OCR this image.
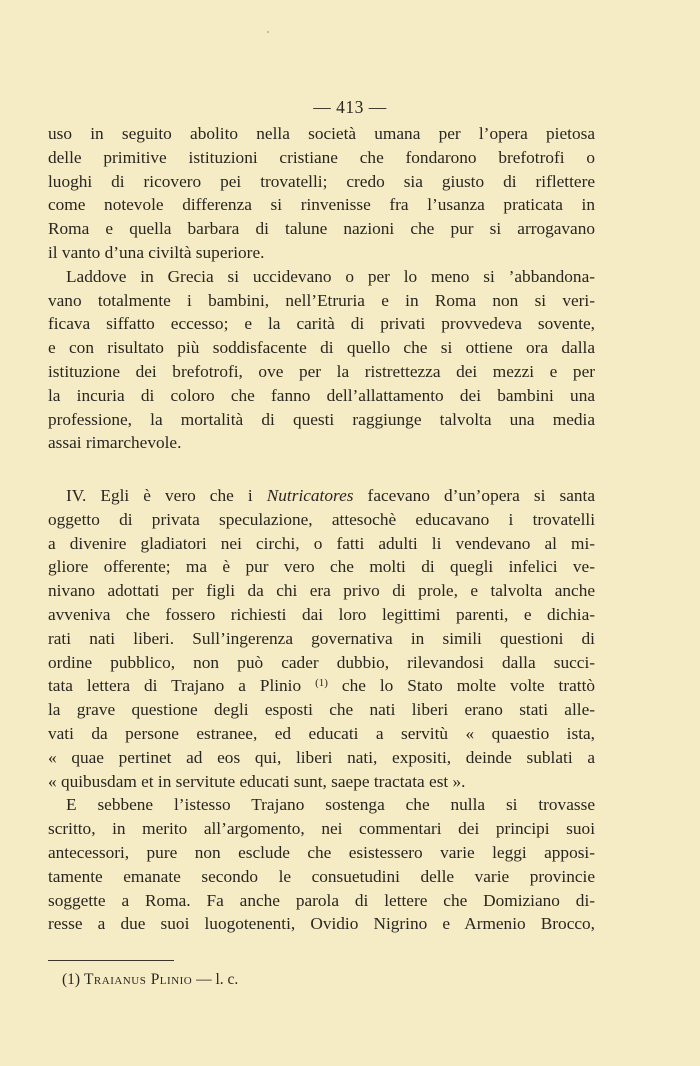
— 413 —
uso in seguito abolito nella società umana per l’opera pietosa
delle primitive istituzioni cristiane che fondarono brefotrofi o
luoghi di ricovero pei trovatelli; credo sia giusto di riflettere
come notevole differenza si rinvenisse fra l’usanza praticata in
Roma e quella barbara di talune nazioni che pur si arrogavano
il vanto d’una civiltà superiore.
Laddove in Grecia si uccidevano o per lo meno si ’abbandona-
vano totalmente i bambini, nell’Etruria e in Roma non si veri-
ficava siffatto eccesso; e la carità di privati provvedeva sovente,
e con risultato più soddisfacente di quello che si ottiene ora dalla
istituzione dei brefotrofi, ove per la ristrettezza dei mezzi e per
la incuria di coloro che fanno dell’allattamento dei bambini una
professione, la mortalità di questi raggiunge talvolta una media
assai rimarchevole.
IV. Egli è vero che i Nutricatores facevano d’un’opera si santa
oggetto di privata speculazione, attesochè educavano i trovatelli
a divenire gladiatori nei circhi, o fatti adulti li vendevano al mi-
gliore offerente; ma è pur vero che molti di quegli infelici ve-
nivano adottati per figli da chi era privo di prole, e talvolta anche
avveniva che fossero richiesti dai loro legittimi parenti, e dichia-
rati nati liberi. Sull’ingerenza governativa in simili questioni di
ordine pubblico, non può cader dubbio, rilevandosi dalla succi-
tata lettera di Trajano a Plinio $^{(1)}$ che lo Stato molte volte trattò
la grave questione degli esposti che nati liberi erano stati alle-
vati da persone estranee, ed educati a servitù « quaestio ista,
« quae pertinet ad eos qui, liberi nati, expositi, deinde sublati a
« quibusdam et in servitute educati sunt, saepe tractata est ».
E sebbene l’istesso Trajano sostenga che nulla si trovasse
scritto, in merito all’argomento, nei commentari dei principi suoi
antecessori, pure non esclude che esistessero varie leggi apposi-
tamente emanate secondo le consuetudini delle varie provincie
soggette a Roma. Fa anche parola di lettere che Domiziano di-
resse a due suoi luogotenenti, Ovidio Nigrino e Armenio Brocco,
(1) Traianus Plinio — l. c.
